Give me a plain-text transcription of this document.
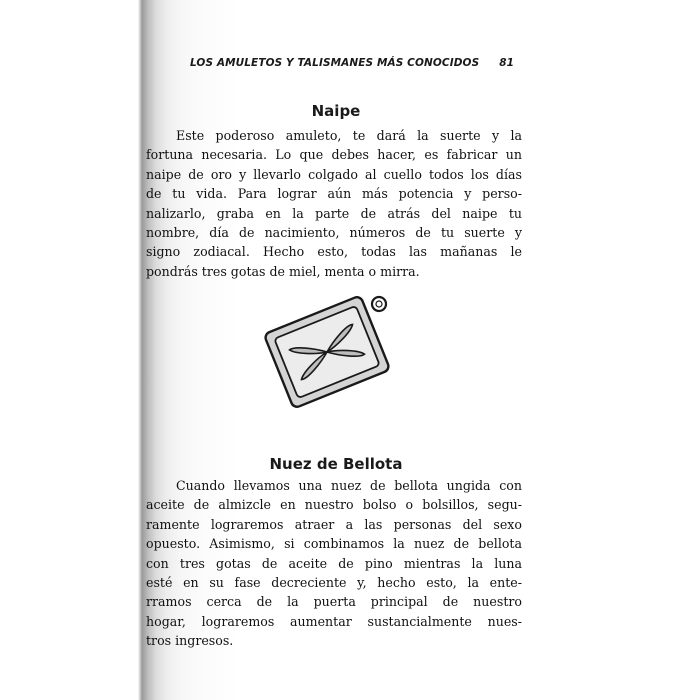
LOS AMULETOS Y TALISMANES MÁS CONOCIDOS 81
Naipe
Este poderoso amuleto, te dará la suerte y la
fortuna necesaria. Lo que debes hacer, es fabricar un
naipe de oro y llevarlo colgado al cuello todos los días
de tu vida. Para lograr aún más potencia y perso-
nalizarlo, graba en la parte de atrás del naipe tu
nombre, día de nacimiento, números de tu suerte y
signo zodiacal. Hecho esto, todas las mañanas le
pondrás tres gotas de miel, menta o mirra.
Nuez de Bellota
Cuando llevamos una nuez de bellota ungida con
aceite de almizcle en nuestro bolso o bolsillos, segu-
ramente lograremos atraer a las personas del sexo
opuesto. Asimismo, si combinamos la nuez de bellota
con tres gotas de aceite de pino mientras la luna
esté en su fase decreciente y, hecho esto, la ente-
rramos cerca de la puerta principal de nuestro
hogar, lograremos aumentar sustancialmente nues-
tros ingresos.
